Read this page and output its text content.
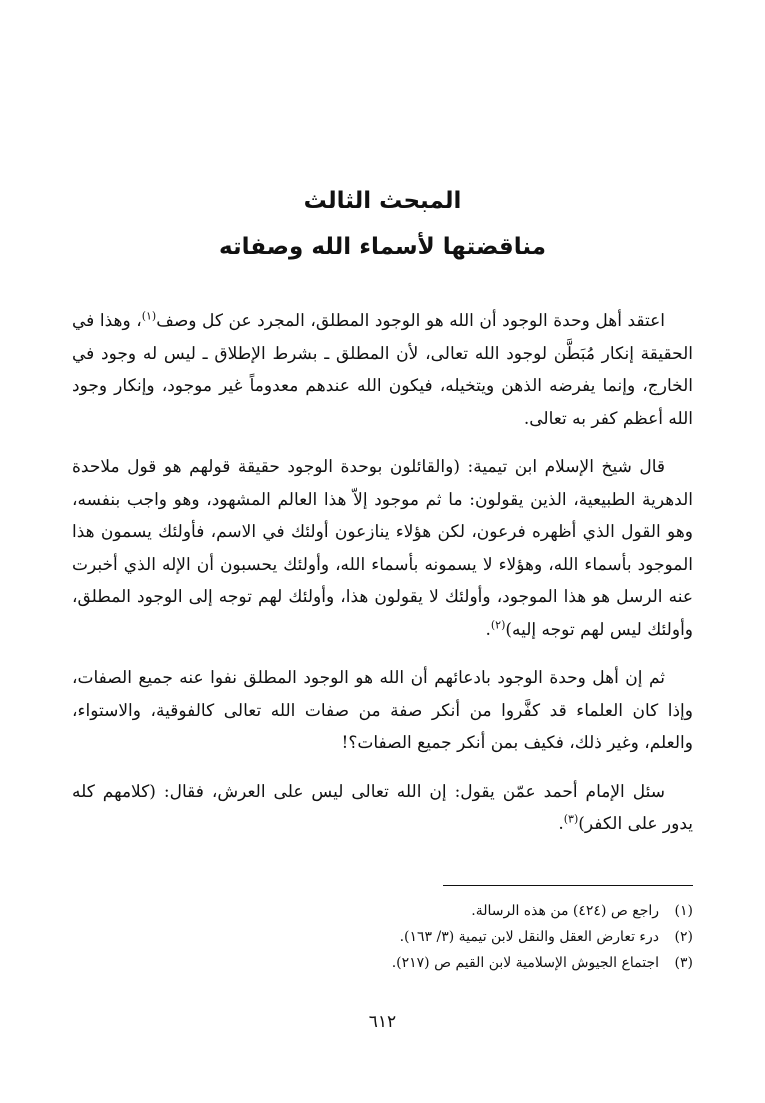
المبحث الثالث
مناقضتها لأسماء الله وصفاته

اعتقد أهل وحدة الوجود أن الله هو الوجود المطلق، المجرد عن كل وصف$^{(١)}$، وهذا في الحقيقة إنكار مُبَطَّن لوجود الله تعالى، لأن المطلق ـ بشرط الإطلاق ـ ليس له وجود في الخارج، وإنما يفرضه الذهن ويتخيله، فيكون الله عندهم معدوماً غير موجود، وإنكار وجود الله أعظم كفر به تعالى.

قال شيخ الإسلام ابن تيمية: (والقائلون بوحدة الوجود حقيقة قولهم هو قول ملاحدة الدهرية الطبيعية، الذين يقولون: ما ثم موجود إلاّ هذا العالم المشهود، وهو واجب بنفسه، وهو القول الذي أظهره فرعون، لكن هؤلاء ينازعون أولئك في الاسم، فأولئك يسمون هذا الموجود بأسماء الله، وهؤلاء لا يسمونه بأسماء الله، وأولئك يحسبون أن الإله الذي أخبرت عنه الرسل هو هذا الموجود، وأولئك لا يقولون هذا، وأولئك لهم توجه إلى الوجود المطلق، وأولئك ليس لهم توجه إليه)$^{(٢)}$.

ثم إن أهل وحدة الوجود بادعائهم أن الله هو الوجود المطلق نفوا عنه جميع الصفات، وإذا كان العلماء قد كفَّروا من أنكر صفة من صفات الله تعالى كالفوقية، والاستواء، والعلم، وغير ذلك، فكيف بمن أنكر جميع الصفات؟!

سئل الإمام أحمد عمّن يقول: إن الله تعالى ليس على العرش، فقال: (كلامهم كله يدور على الكفر)$^{(٣)}$.

(١)راجع ص (٤٢٤) من هذه الرسالة.

(٢)درء تعارض العقل والنقل لابن تيمية (٣/ ١٦٣).

(٣)اجتماع الجيوش الإسلامية لابن القيم ص (٢١٧).

٦١٢
